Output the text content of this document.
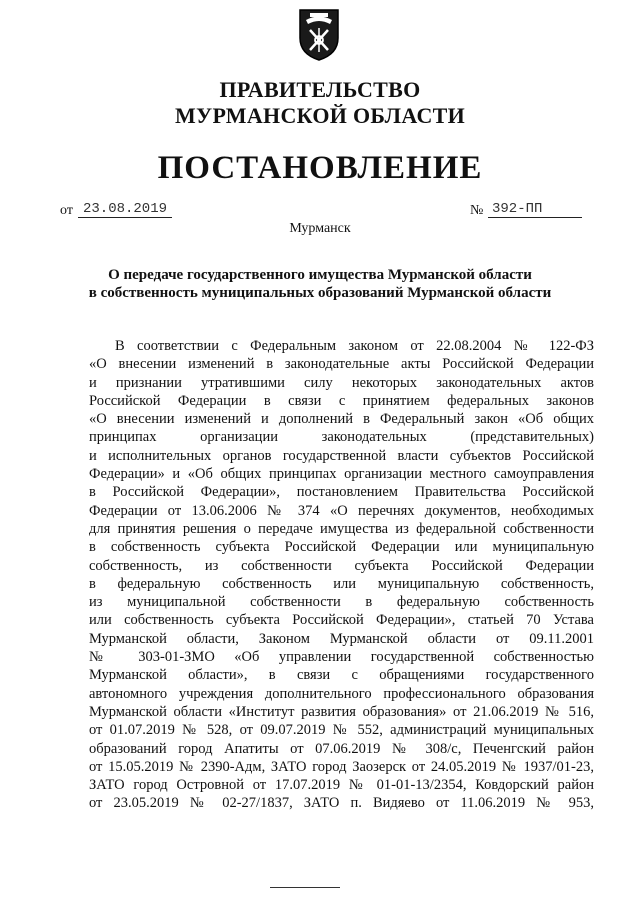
ПРАВИТЕЛЬСТВО
МУРМАНСКОЙ ОБЛАСТИ
ПОСТАНОВЛЕНИЕ
от 23.08.2019	№ 392-ПП
Мурманск
О передаче государственного имущества Мурманской области
в собственность муниципальных образований Мурманской области
В соответствии с Федеральным законом от 22.08.2004 № 122-ФЗ
«О внесении изменений в законодательные акты Российской Федерации
и признании утратившими силу некоторых законодательных актов
Российской Федерации в связи с принятием федеральных законов
«О внесении изменений и дополнений в Федеральный закон «Об общих
принципах организации законодательных (представительных)
и исполнительных органов государственной власти субъектов Российской
Федерации» и «Об общих принципах организации местного самоуправления
в Российской Федерации», постановлением Правительства Российской
Федерации от 13.06.2006 № 374 «О перечнях документов, необходимых
для принятия решения о передаче имущества из федеральной собственности
в собственность субъекта Российской Федерации или муниципальную
собственность, из собственности субъекта Российской Федерации
в федеральную собственность или муниципальную собственность,
из муниципальной собственности в федеральную собственность
или собственность субъекта Российской Федерации», статьей 70 Устава
Мурманской области, Законом Мурманской области от 09.11.2001
№ 303-01-ЗМО «Об управлении государственной собственностью
Мурманской области», в связи с обращениями государственного
автономного учреждения дополнительного профессионального образования
Мурманской области «Институт развития образования» от 21.06.2019 № 516,
от 01.07.2019 № 528, от 09.07.2019 № 552, администраций муниципальных
образований город Апатиты от 07.06.2019 № 308/с, Печенгский район
от 15.05.2019 № 2390-Адм, ЗАТО город Заозерск от 24.05.2019 № 1937/01-23,
ЗАТО город Островной от 17.07.2019 № 01-01-13/2354, Ковдорский район
от 23.05.2019 № 02-27/1837, ЗАТО п. Видяево от 11.06.2019 № 953,
